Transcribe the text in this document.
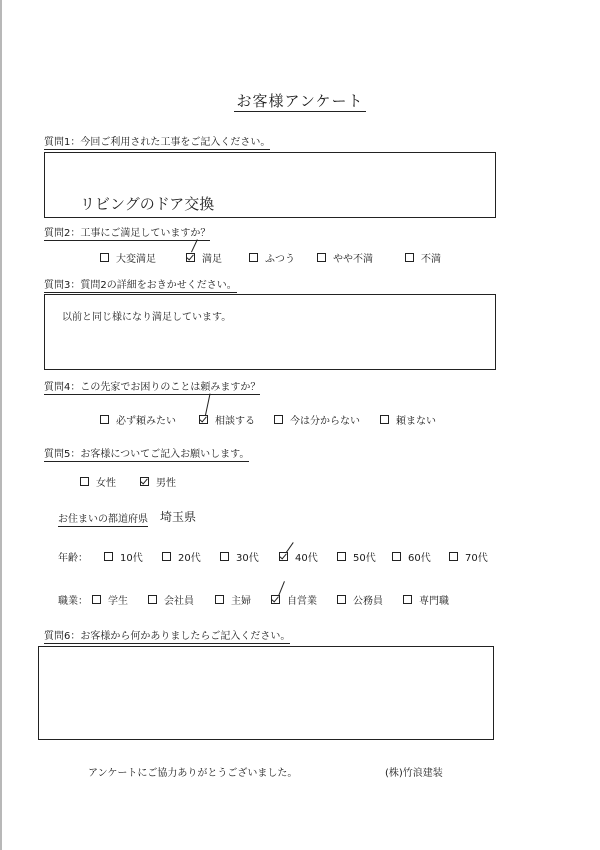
お客様アンケート
質問1：今回ご利用された工事をご記入ください。
リビングのドア交換
質問2：工事にご満足していますか？
大変満足	満足	ふつう	やや不満	不満
質問3：質問2の詳細をおきかせください。
以前と同じ様になり満足しています。
質問4：この先家でお困りのことは頼みますか？
必ず頼みたい	相談する	今は分からない	頼まない
質問5：お客様についてご記入お願いします。
女性	男性
お住まいの都道府県 埼玉県
年齢：	10代	20代	30代	40代	50代	60代	70代
職業： 学生	会社員	主婦	自営業	公務員	専門職
質問6：お客様から何かありましたらご記入ください。
アンケートにご協力ありがとうございました。	(株)竹浪建装
